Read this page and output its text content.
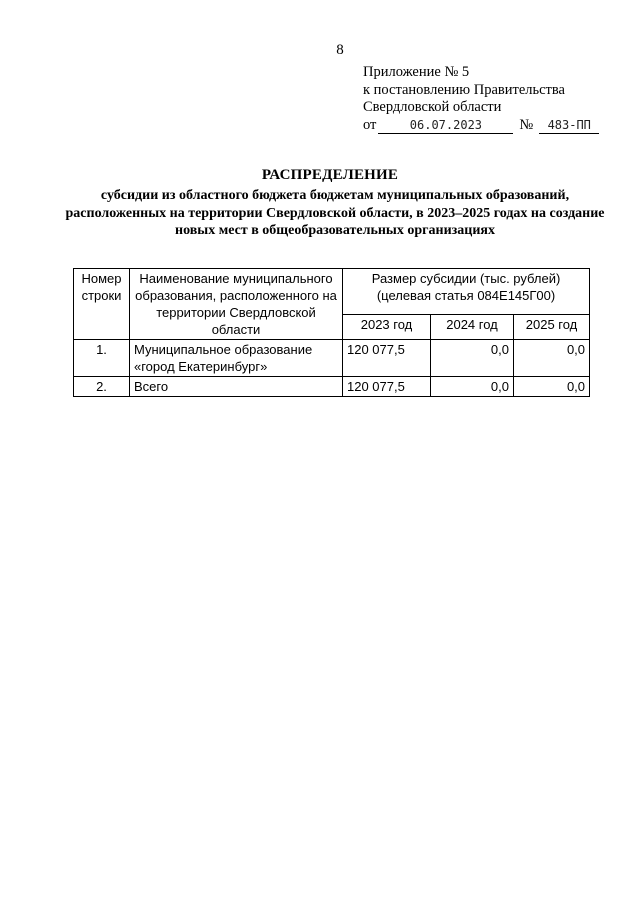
8
Приложение № 5
к постановлению Правительства
Свердловской области
от	06.07.2023	№	483-ПП
РАСПРЕДЕЛЕНИЕ
субсидии из областного бюджета бюджетам муниципальных образований, расположенных на территории Свердловской области, в 2023–2025 годах на создание новых мест в общеобразовательных организациях
Номер строки	Наименование муниципального образования, расположенного на территории Свердловской области	Размер субсидии (тыс. рублей) (целевая статья 084Е145Г00)		
		2023 год	2024 год	2025 год
1.	Муниципальное образование «город Екатеринбург»	120 077,5	0,0	0,0
2.	Всего	120 077,5	0,0	0,0
